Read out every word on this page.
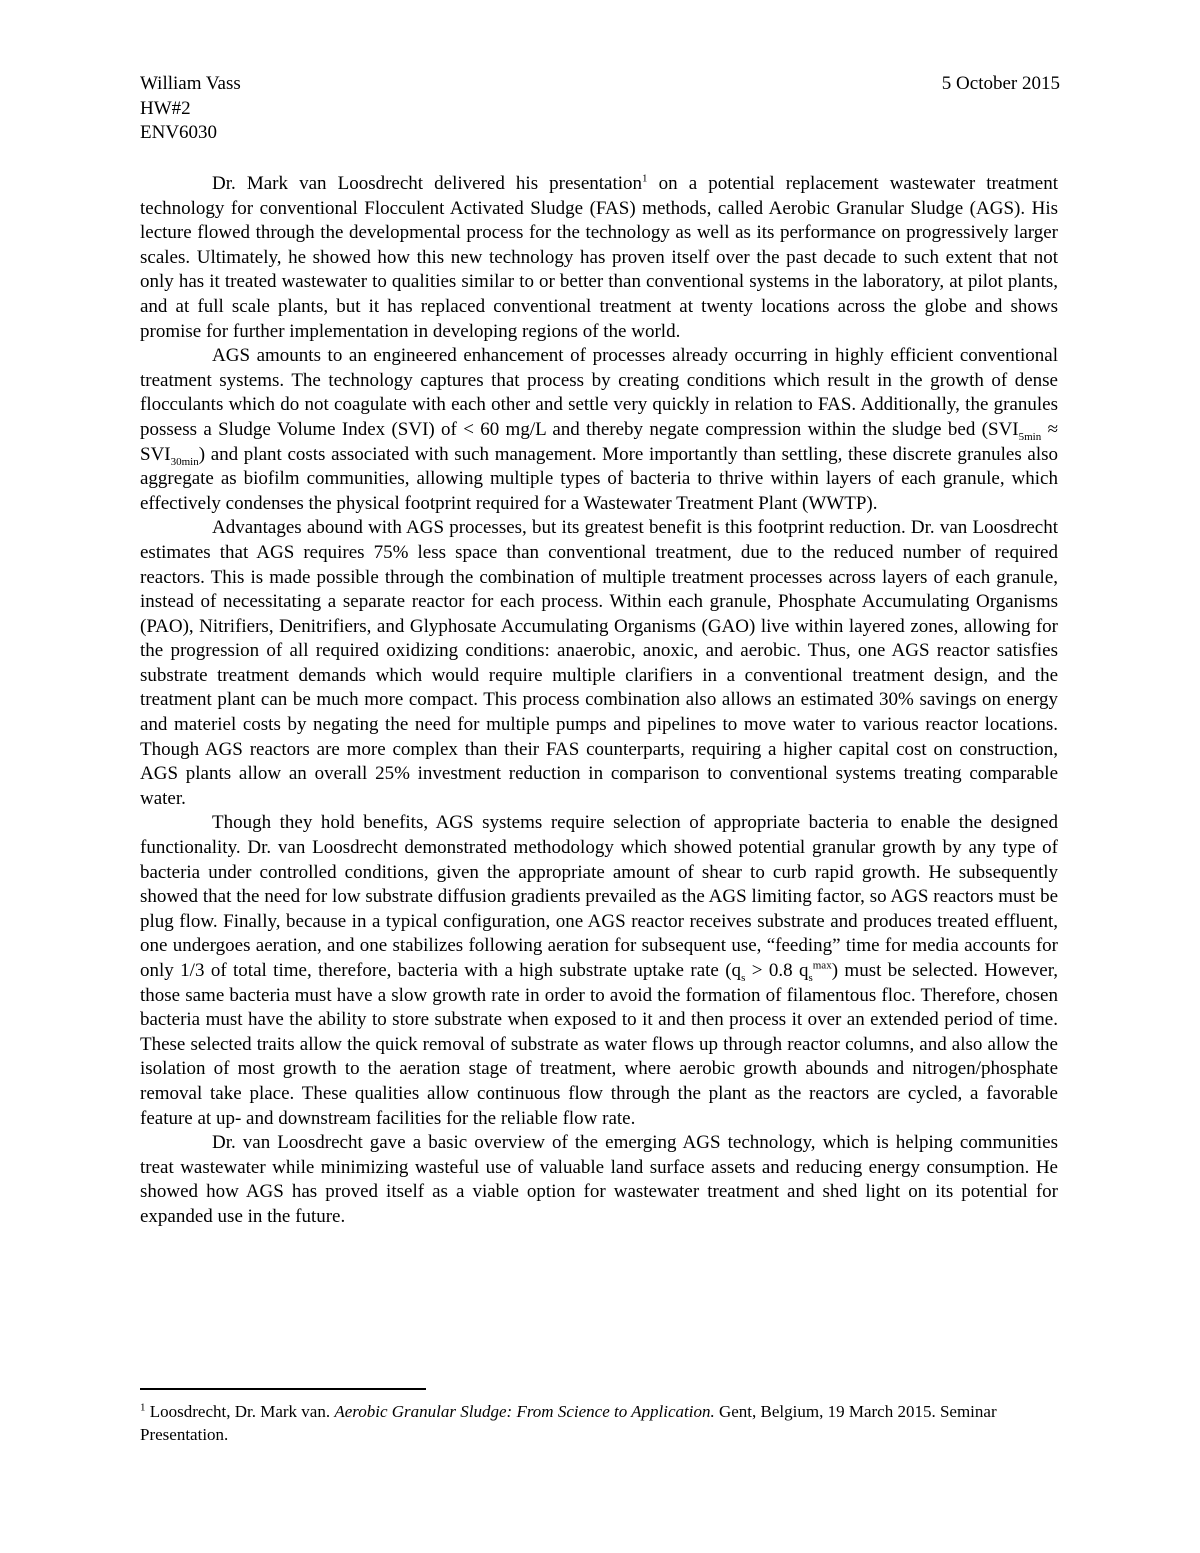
William Vass	5 October 2015
HW#2
ENV6030

Dr. Mark van Loosdrecht delivered his presentation$^1$ on a potential replacement wastewater treatment technology for conventional Flocculent Activated Sludge (FAS) methods, called Aerobic Granular Sludge (AGS). His lecture flowed through the developmental process for the technology as well as its performance on progressively larger scales. Ultimately, he showed how this new technology has proven itself over the past decade to such extent that not only has it treated wastewater to qualities similar to or better than conventional systems in the laboratory, at pilot plants, and at full scale plants, but it has replaced conventional treatment at twenty locations across the globe and shows promise for further implementation in developing regions of the world.

AGS amounts to an engineered enhancement of processes already occurring in highly efficient conventional treatment systems. The technology captures that process by creating conditions which result in the growth of dense flocculants which do not coagulate with each other and settle very quickly in relation to FAS. Additionally, the granules possess a Sludge Volume Index (SVI) of < 60 mg/L and thereby negate compression within the sludge bed $(SVI_{5min} \approx SVI_{30min})$ and plant costs associated with such management. More importantly than settling, these discrete granules also aggregate as biofilm communities, allowing multiple types of bacteria to thrive within layers of each granule, which effectively condenses the physical footprint required for a Wastewater Treatment Plant (WWTP).

Advantages abound with AGS processes, but its greatest benefit is this footprint reduction. Dr. van Loosdrecht estimates that AGS requires 75% less space than conventional treatment, due to the reduced number of required reactors. This is made possible through the combination of multiple treatment processes across layers of each granule, instead of necessitating a separate reactor for each process. Within each granule, Phosphate Accumulating Organisms (PAO), Nitrifiers, Denitrifiers, and Glyphosate Accumulating Organisms (GAO) live within layered zones, allowing for the progression of all required oxidizing conditions: anaerobic, anoxic, and aerobic. Thus, one AGS reactor satisfies substrate treatment demands which would require multiple clarifiers in a conventional treatment design, and the treatment plant can be much more compact. This process combination also allows an estimated 30% savings on energy and materiel costs by negating the need for multiple pumps and pipelines to move water to various reactor locations. Though AGS reactors are more complex than their FAS counterparts, requiring a higher capital cost on construction, AGS plants allow an overall 25% investment reduction in comparison to conventional systems treating comparable water.

Though they hold benefits, AGS systems require selection of appropriate bacteria to enable the designed functionality. Dr. van Loosdrecht demonstrated methodology which showed potential granular growth by any type of bacteria under controlled conditions, given the appropriate amount of shear to curb rapid growth. He subsequently showed that the need for low substrate diffusion gradients prevailed as the AGS limiting factor, so AGS reactors must be plug flow. Finally, because in a typical configuration, one AGS reactor receives substrate and produces treated effluent, one undergoes aeration, and one stabilizes following aeration for subsequent use, “feeding” time for media accounts for only 1/3 of total time, therefore, bacteria with a high substrate uptake rate ($q_s > 0.8$ $q_s^{max}$) must be selected. However, those same bacteria must have a slow growth rate in order to avoid the formation of filamentous floc. Therefore, chosen bacteria must have the ability to store substrate when exposed to it and then process it over an extended period of time. These selected traits allow the quick removal of substrate as water flows up through reactor columns, and also allow the isolation of most growth to the aeration stage of treatment, where aerobic growth abounds and nitrogen/phosphate removal take place. These qualities allow continuous flow through the plant as the reactors are cycled, a favorable feature at up- and downstream facilities for the reliable flow rate.

Dr. van Loosdrecht gave a basic overview of the emerging AGS technology, which is helping communities treat wastewater while minimizing wasteful use of valuable land surface assets and reducing energy consumption. He showed how AGS has proved itself as a viable option for wastewater treatment and shed light on its potential for expanded use in the future.

$^1$ Loosdrecht, Dr. Mark van. Aerobic Granular Sludge: From Science to Application. Gent, Belgium, 19 March 2015. Seminar Presentation.
